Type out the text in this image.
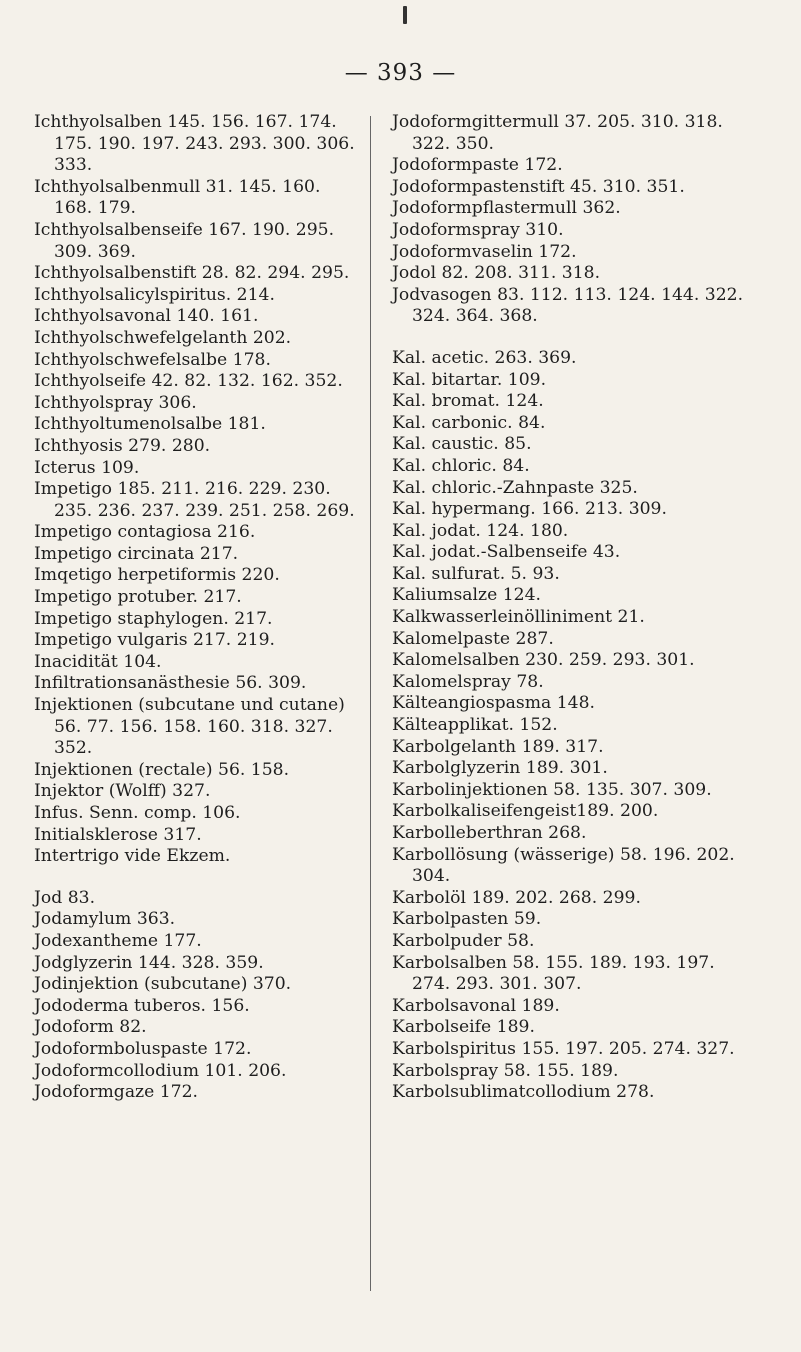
— 393 —

Ichthyolsalben 145. 156. 167. 174. 175. 190. 197. 243. 293. 300. 306. 333.

Ichthyolsalbenmull 31. 145. 160. 168. 179.

Ichthyolsalbenseife 167. 190. 295. 309. 369.

Ichthyolsalbenstift 28. 82. 294. 295.

Ichthyolsalicylspiritus. 214.

Ichthyolsavonal 140. 161.

Ichthyolschwefelgelanth 202.

Ichthyolschwefelsalbe 178.

Ichthyolseife 42. 82. 132. 162. 352.

Ichthyolspray 306.

Ichthyoltumenolsalbe 181.

Ichthyosis 279. 280.

Icterus 109.

Impetigo 185. 211. 216. 229. 230. 235. 236. 237. 239. 251. 258. 269.

Impetigo contagiosa 216.

Impetigo circinata 217.

Imqetigo herpetiformis 220.

Impetigo protuber. 217.

Impetigo staphylogen. 217.

Impetigo vulgaris 217. 219.

Inacidität 104.

Infiltrationsanästhesie 56. 309.

Injektionen (subcutane und cutane) 56. 77. 156. 158. 160. 318. 327. 352.

Injektionen (rectale) 56. 158.

Injektor (Wolff) 327.

Infus. Senn. comp. 106.

Initialsklerose 317.

Intertrigo vide Ekzem.

Jod 83.

Jodamylum 363.

Jodexantheme 177.

Jodglyzerin 144. 328. 359.

Jodinjektion (subcutane) 370.

Jododerma tuberos. 156.

Jodoform 82.

Jodoformboluspaste 172.

Jodoformcollodium 101. 206.

Jodoformgaze 172.

Jodoformgittermull 37. 205. 310. 318. 322. 350.

Jodoformpaste 172.

Jodoformpastenstift 45. 310. 351.

Jodoformpflastermull 362.

Jodoformspray 310.

Jodoformvaselin 172.

Jodol 82. 208. 311. 318.

Jodvasogen 83. 112. 113. 124. 144. 322. 324. 364. 368.

Kal. acetic. 263. 369.

Kal. bitartar. 109.

Kal. bromat. 124.

Kal. carbonic. 84.

Kal. caustic. 85.

Kal. chloric. 84.

Kal. chloric.-Zahnpaste 325.

Kal. hypermang. 166. 213. 309.

Kal. jodat. 124. 180.

Kal. jodat.-Salbenseife 43.

Kal. sulfurat. 5. 93.

Kaliumsalze 124.

Kalkwasserleinölliniment 21.

Kalomelpaste 287.

Kalomelsalben 230. 259. 293. 301.

Kalomelspray 78.

Kälteangiospasma 148.

Kälteapplikat. 152.

Karbolgelanth 189. 317.

Karbolglyzerin 189. 301.

Karbolinjektionen 58. 135. 307. 309.

Karbolkaliseifengeist189. 200.

Karbolleberthran 268.

Karbollösung (wässerige) 58. 196. 202. 304.

Karbolöl 189. 202. 268. 299.

Karbolpasten 59.

Karbolpuder 58.

Karbolsalben 58. 155. 189. 193. 197. 274. 293. 301. 307.

Karbolsavonal 189.

Karbolseife 189.

Karbolspiritus 155. 197. 205. 274. 327.

Karbolspray 58. 155. 189.

Karbolsublimatcollodium 278.
